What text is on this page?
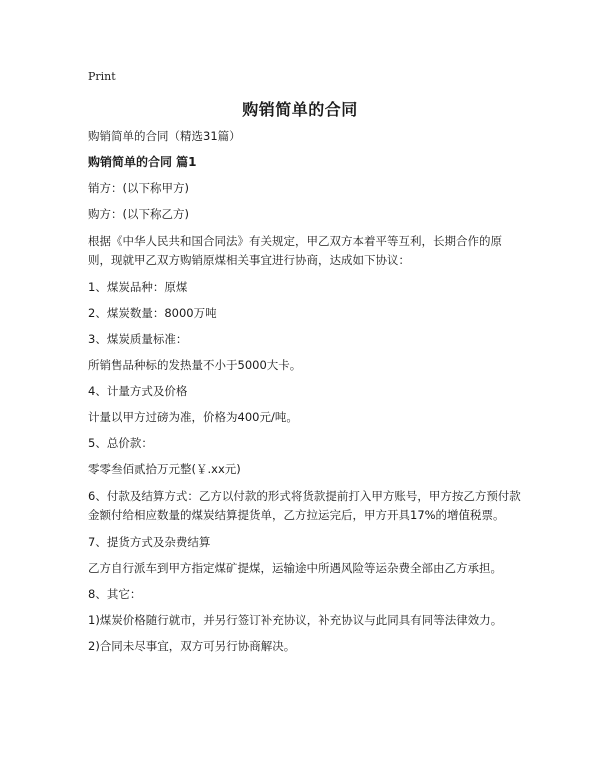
Print
购销简单的合同

购销简单的合同（精选31篇）

购销简单的合同 篇1

销方：(以下称甲方)

购方：(以下称乙方)

根据《中华人民共和国合同法》有关规定，甲乙双方本着平等互利，长期合作的原则，现就甲乙双方购销原煤相关事宜进行协商，达成如下协议：

1、煤炭品种：原煤

2、煤炭数量：8000万吨

3、煤炭质量标准：

所销售品种标的发热量不小于5000大卡。

4、计量方式及价格

计量以甲方过磅为准，价格为400元/吨。

5、总价款：

零零叁佰贰拾万元整(￥.xx元)

6、付款及结算方式：乙方以付款的形式将货款提前打入甲方账号，甲方按乙方预付款金额付给相应数量的煤炭结算提货单，乙方拉运完后，甲方开具17%的增值税票。

7、提货方式及杂费结算

乙方自行派车到甲方指定煤矿提煤，运输途中所遇风险等运杂费全部由乙方承担。

8、其它：

1)煤炭价格随行就市，并另行签订补充协议，补充协议与此同具有同等法律效力。

2)合同未尽事宜，双方可另行协商解决。
